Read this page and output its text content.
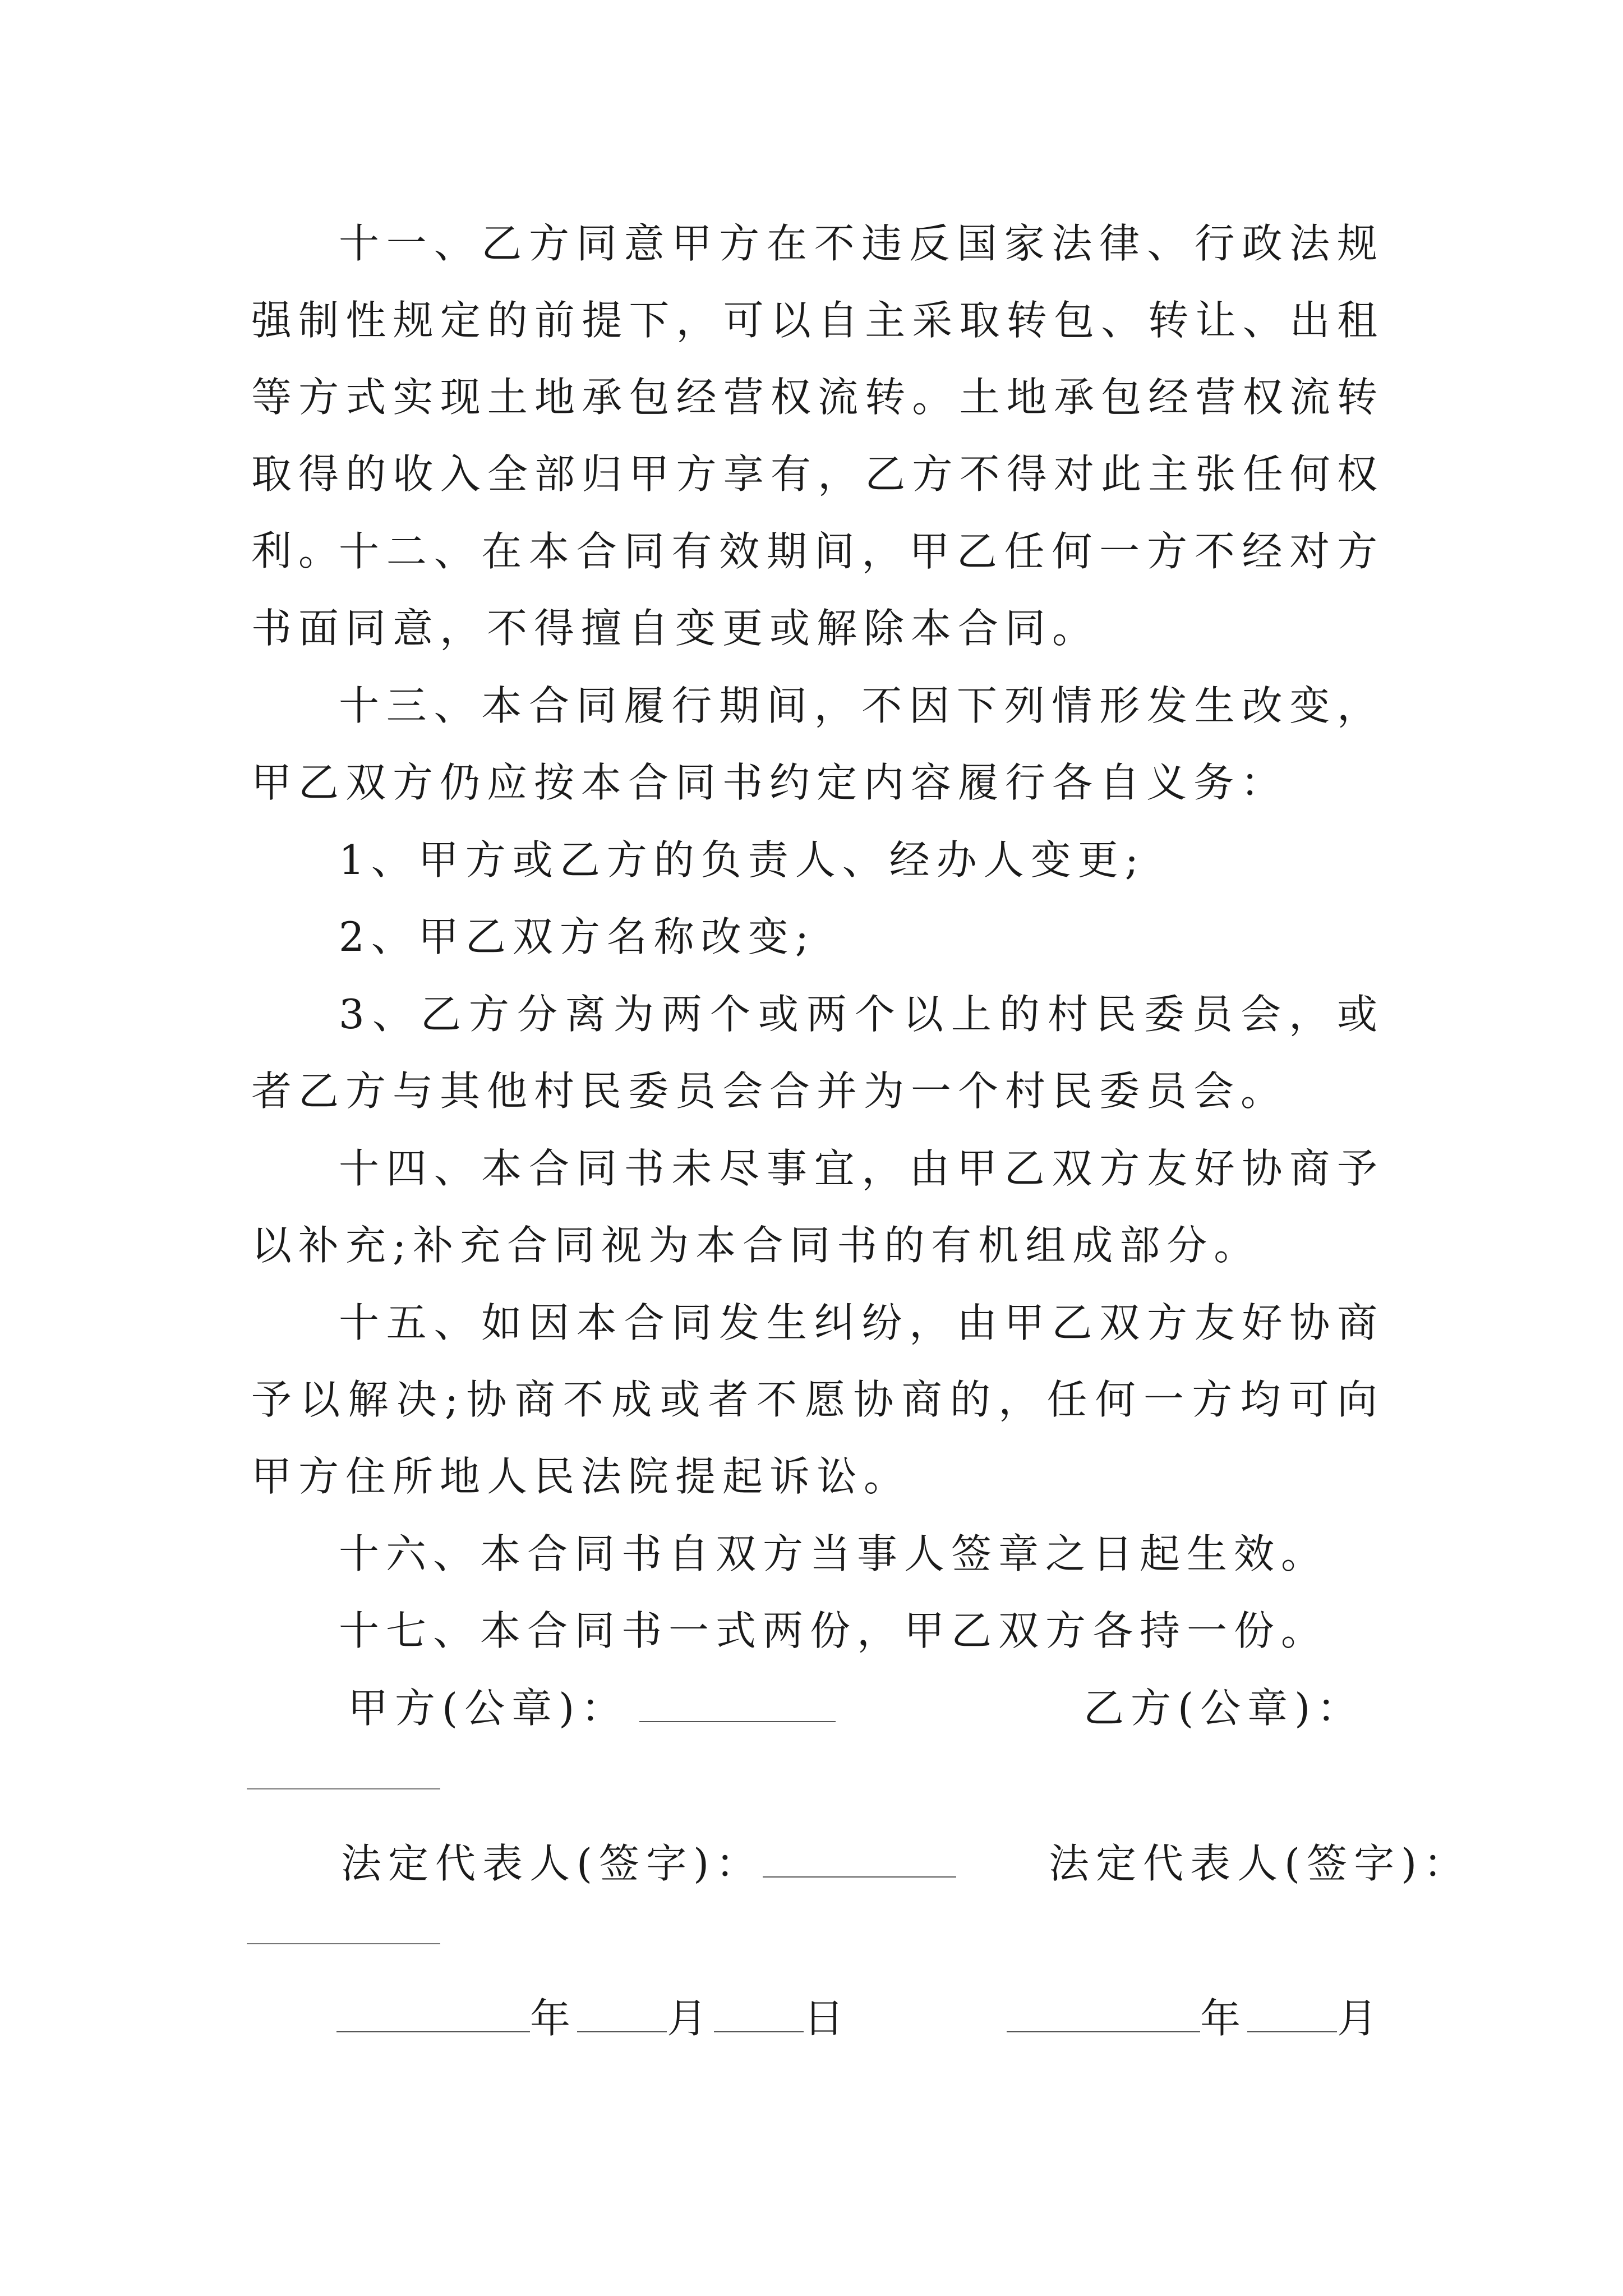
十一、乙方同意甲方在不违反国家法律、行政法规强制性规定的前提下，可以自主采取转包、转让、出租等方式实现土地承包经营权流转。土地承包经营权流转取得的收入全部归甲方享有，乙方不得对此主张任何权利。

十二、在本合同有效期间，甲乙任何一方不经对方书面同意，不得擅自变更或解除本合同。

十三、本合同履行期间，不因下列情形发生改变，甲乙双方仍应按本合同书约定内容履行各自义务：

1、甲方或乙方的负责人、经办人变更;

2、甲乙双方名称改变;

3、乙方分离为两个或两个以上的村民委员会，或者乙方与其他村民委员会合并为一个村民委员会。

十四、本合同书未尽事宜，由甲乙双方友好协商予以补充;补充合同视为本合同书的有机组成部分。

十五、如因本合同发生纠纷，由甲乙双方友好协商予以解决;协商不成或者不愿协商的，任何一方均可向甲方住所地人民法院提起诉讼。

十六、本合同书自双方当事人签章之日起生效。

十七、本合同书一式两份，甲乙双方各持一份。

甲方(公章)：	乙方(公章)：
法定代表人(签字)：	法定代表人(签字)：
年 月 日	年 月
